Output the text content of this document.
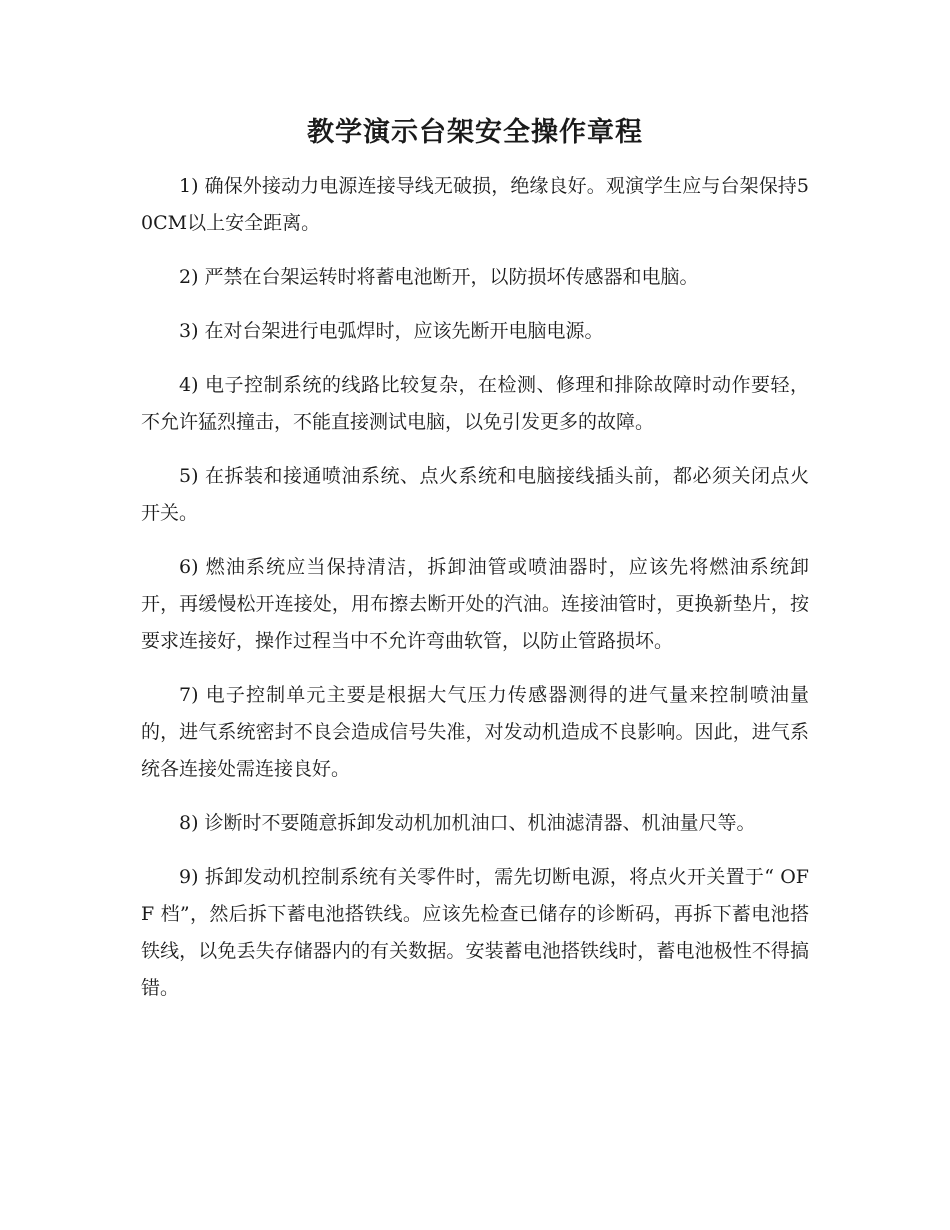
教学演示台架安全操作章程

1) 确保外接动力电源连接导线无破损，绝缘良好。观演学生应与台架保持50CM以上安全距离。

2) 严禁在台架运转时将蓄电池断开，以防损坏传感器和电脑。

3) 在对台架进行电弧焊时，应该先断开电脑电源。

4) 电子控制系统的线路比较复杂，在检测、修理和排除故障时动作要轻，不允许猛烈撞击，不能直接测试电脑，以免引发更多的故障。

5) 在拆装和接通喷油系统、点火系统和电脑接线插头前，都必须关闭点火开关。

6) 燃油系统应当保持清洁，拆卸油管或喷油器时，应该先将燃油系统卸开，再缓慢松开连接处，用布擦去断开处的汽油。连接油管时，更换新垫片，按要求连接好，操作过程当中不允许弯曲软管，以防止管路损坏。

7) 电子控制单元主要是根据大气压力传感器测得的进气量来控制喷油量的，进气系统密封不良会造成信号失准，对发动机造成不良影响。因此，进气系统各连接处需连接良好。

8) 诊断时不要随意拆卸发动机加机油口、机油滤清器、机油量尺等。

9) 拆卸发动机控制系统有关零件时，需先切断电源，将点火开关置于“ OFF 档”，然后拆下蓄电池搭铁线。应该先检查已储存的诊断码，再拆下蓄电池搭铁线，以免丢失存储器内的有关数据。安装蓄电池搭铁线时，蓄电池极性不得搞错。
